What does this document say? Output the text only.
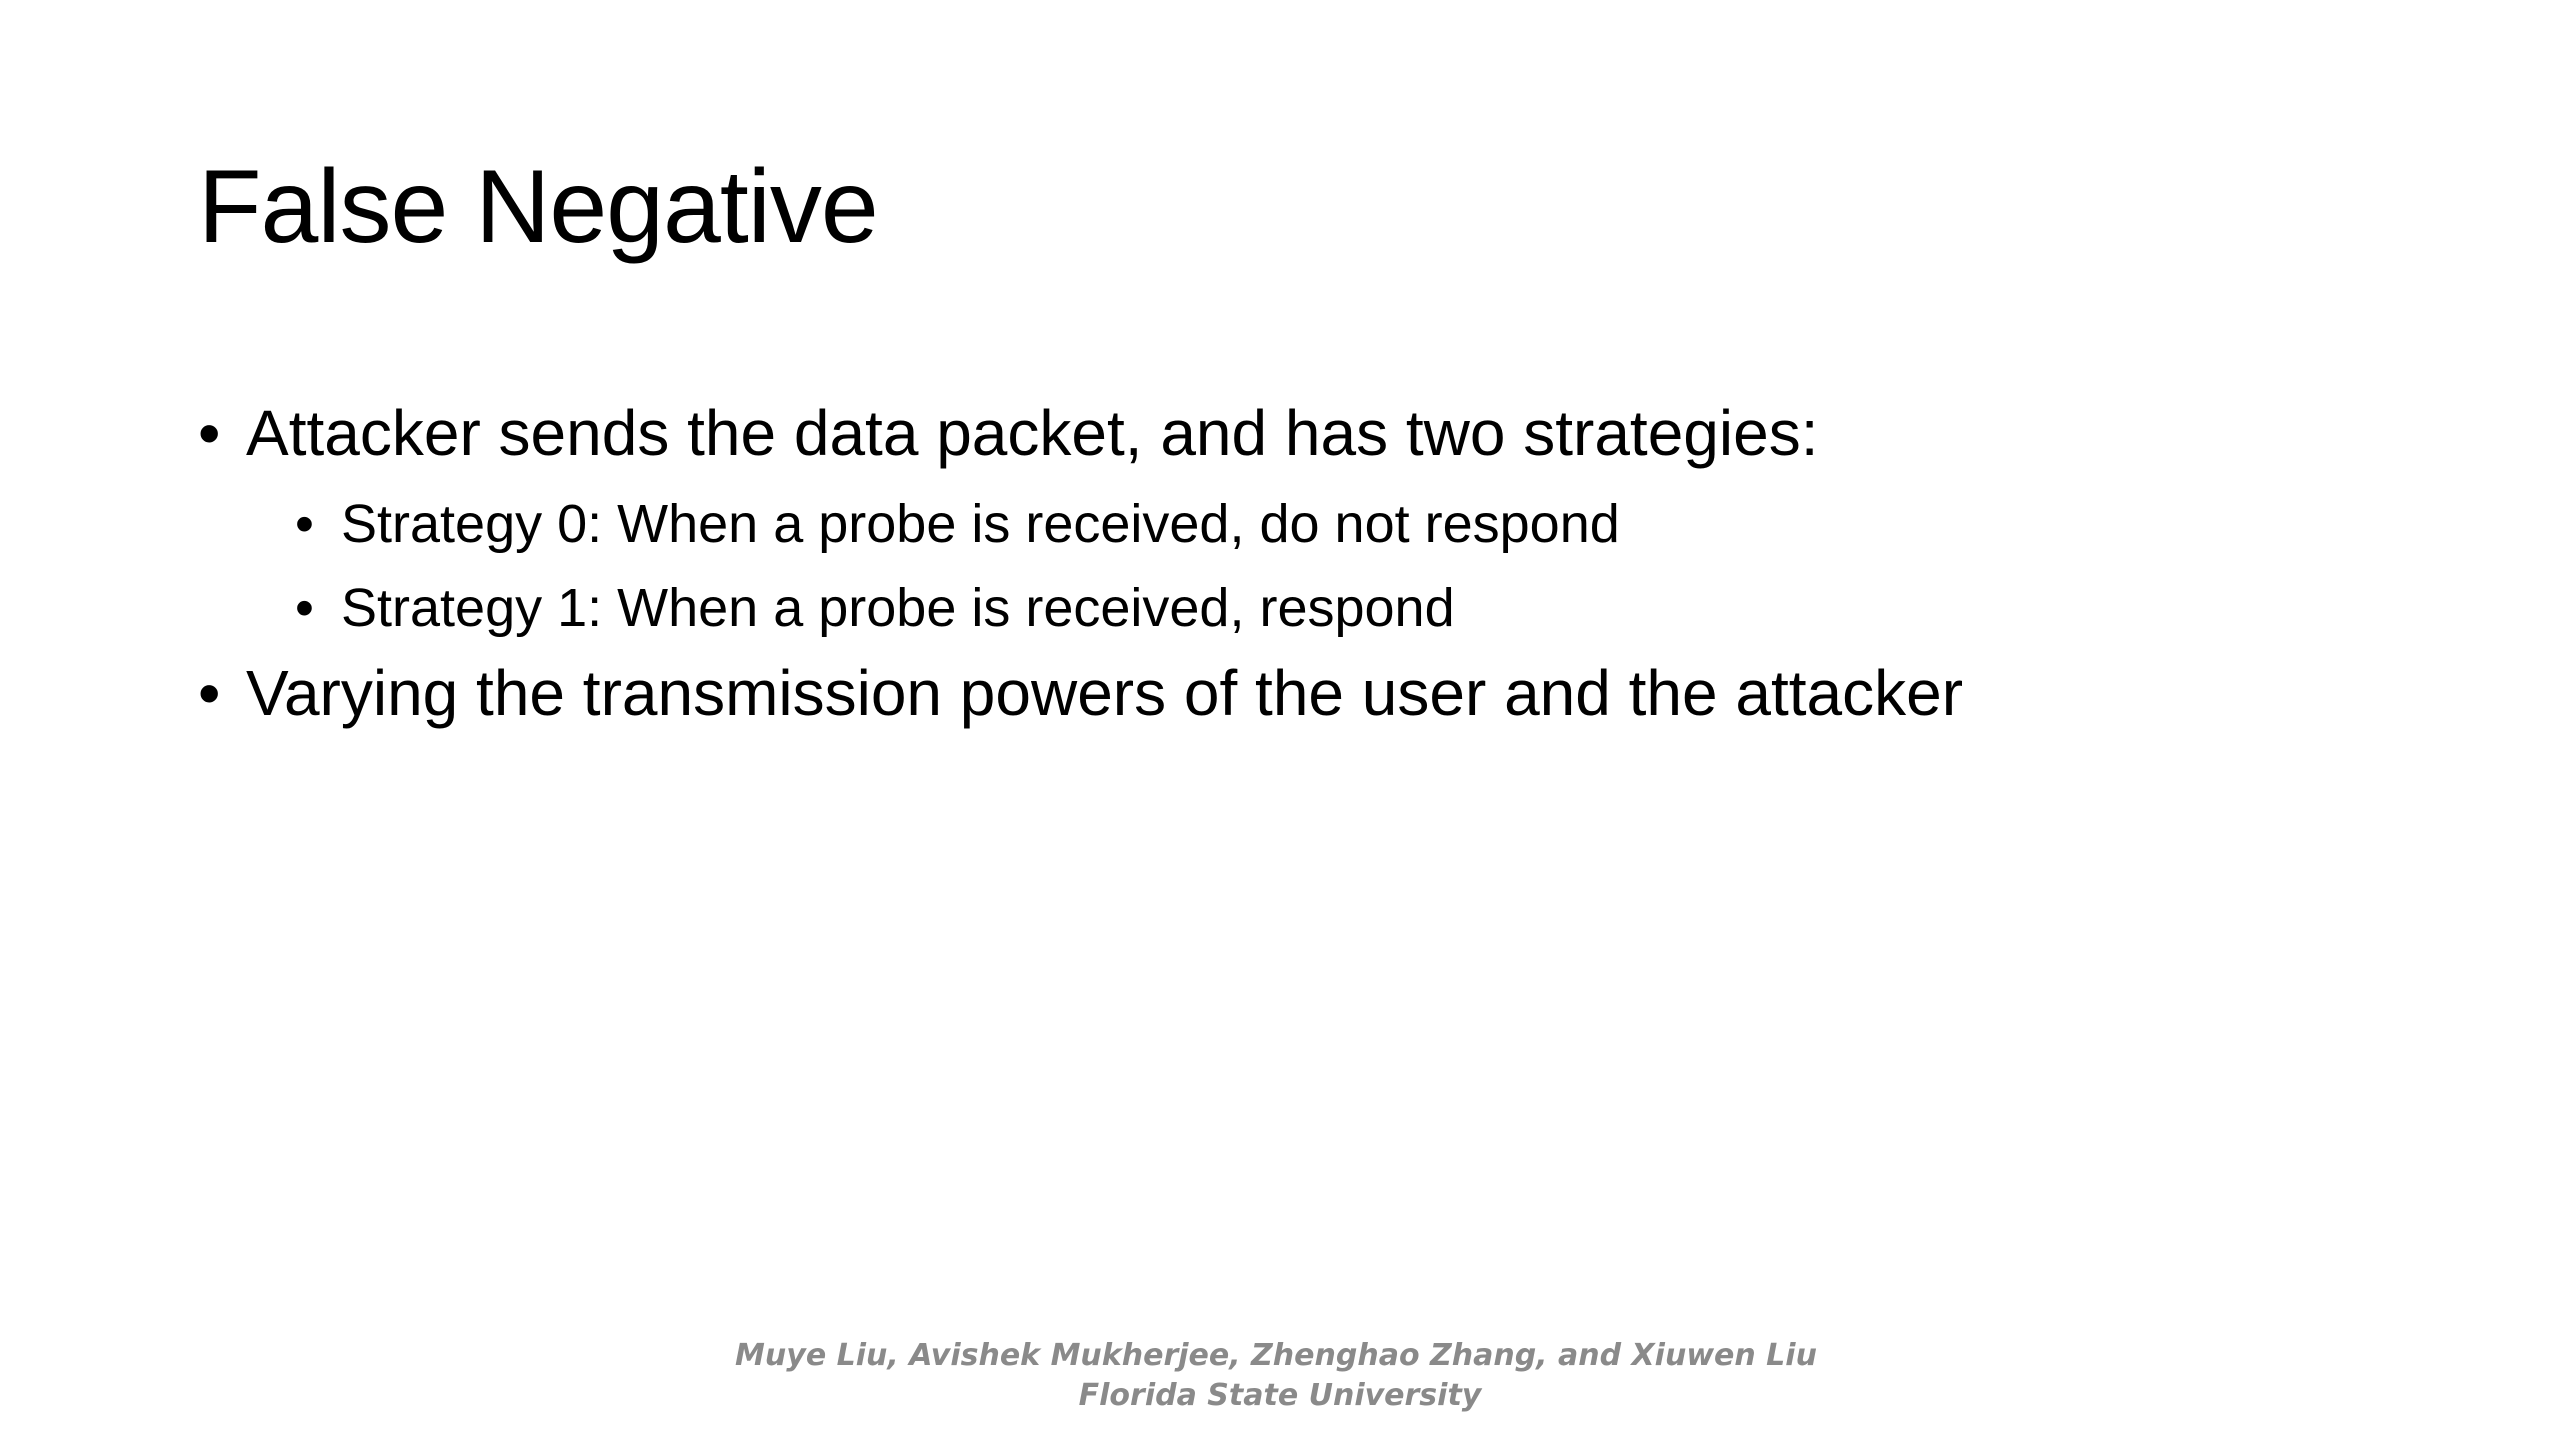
False Negative
• Attacker sends the data packet, and has two strategies:
• Strategy 0: When a probe is received, do not respond
• Strategy 1: When a probe is received, respond
• Varying the transmission powers of the user and the attacker
Muye Liu, Avishek Mukherjee, Zhenghao Zhang, and Xiuwen Liu
Florida State University
